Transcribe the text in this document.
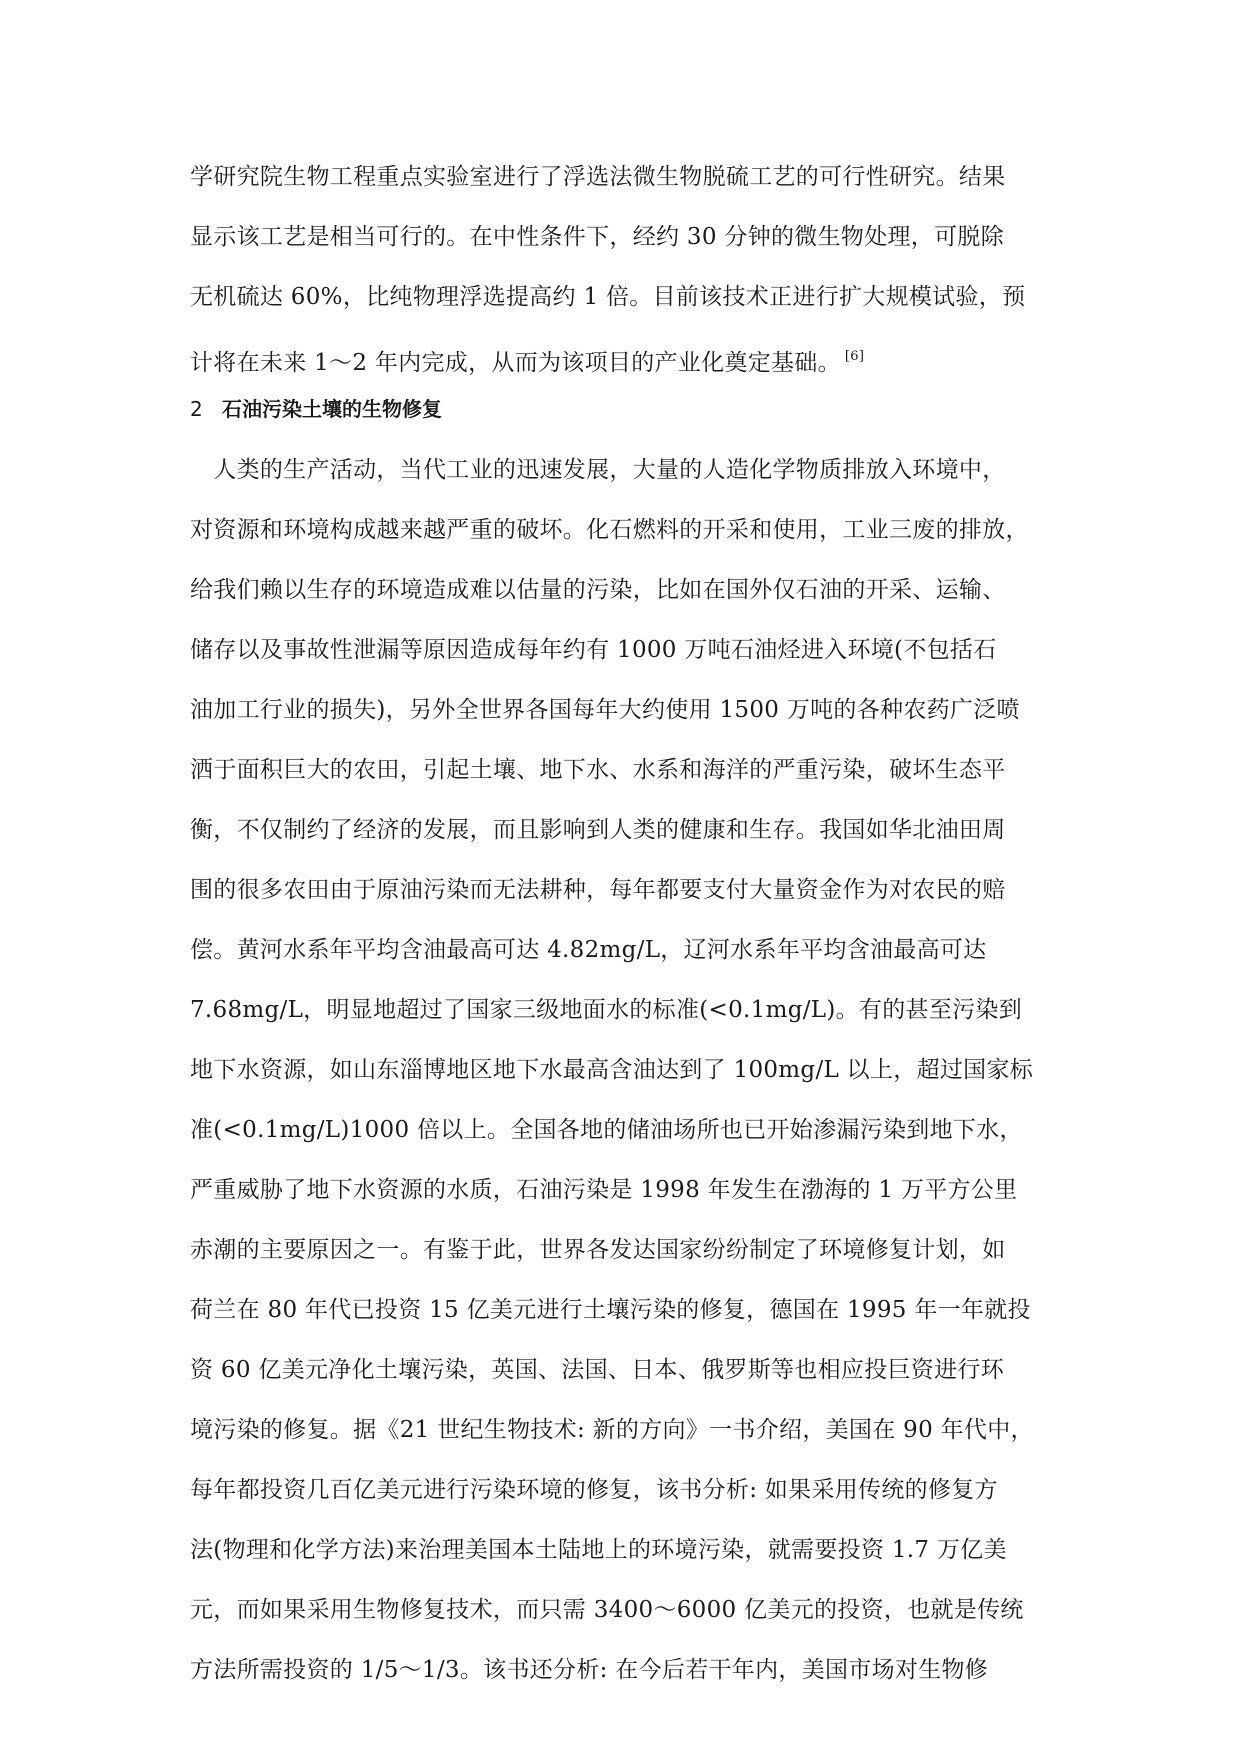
学研究院生物工程重点实验室进行了浮选法微生物脱硫工艺的可行性研究。结果
显示该工艺是相当可行的。在中性条件下，经约 30 分钟的微生物处理，可脱除
无机硫达 60%，比纯物理浮选提高约 1 倍。目前该技术正进行扩大规模试验，预
计将在未来 1～2 年内完成，从而为该项目的产业化奠定基础。 [6]
2 石油污染土壤的生物修复
　人类的生产活动，当代工业的迅速发展，大量的人造化学物质排放入环境中，
对资源和环境构成越来越严重的破坏。化石燃料的开采和使用，工业三废的排放，
给我们赖以生存的环境造成难以估量的污染，比如在国外仅石油的开采、运输、
储存以及事故性泄漏等原因造成每年约有 1000 万吨石油烃进入环境(不包括石
油加工行业的损失)，另外全世界各国每年大约使用 1500 万吨的各种农药广泛喷
洒于面积巨大的农田，引起土壤、地下水、水系和海洋的严重污染，破坏生态平
衡，不仅制约了经济的发展，而且影响到人类的健康和生存。我国如华北油田周
围的很多农田由于原油污染而无法耕种，每年都要支付大量资金作为对农民的赔
偿。黄河水系年平均含油最高可达 4.82mg/L，辽河水系年平均含油最高可达
7.68mg/L，明显地超过了国家三级地面水的标准(<0.1mg/L)。有的甚至污染到
地下水资源，如山东淄博地区地下水最高含油达到了 100mg/L 以上，超过国家标
准(<0.1mg/L)1000 倍以上。全国各地的储油场所也已开始渗漏污染到地下水，
严重威胁了地下水资源的水质，石油污染是 1998 年发生在渤海的 1 万平方公里
赤潮的主要原因之一。有鉴于此，世界各发达国家纷纷制定了环境修复计划，如
荷兰在 80 年代已投资 15 亿美元进行土壤污染的修复，德国在 1995 年一年就投
资 60 亿美元净化土壤污染，英国、法国、日本、俄罗斯等也相应投巨资进行环
境污染的修复。据《21 世纪生物技术: 新的方向》一书介绍，美国在 90 年代中，
每年都投资几百亿美元进行污染环境的修复，该书分析: 如果采用传统的修复方
法(物理和化学方法)来治理美国本土陆地上的环境污染，就需要投资 1.7 万亿美
元，而如果采用生物修复技术，而只需 3400～6000 亿美元的投资，也就是传统
方法所需投资的 1/5～1/3。该书还分析: 在今后若干年内，美国市场对生物修
